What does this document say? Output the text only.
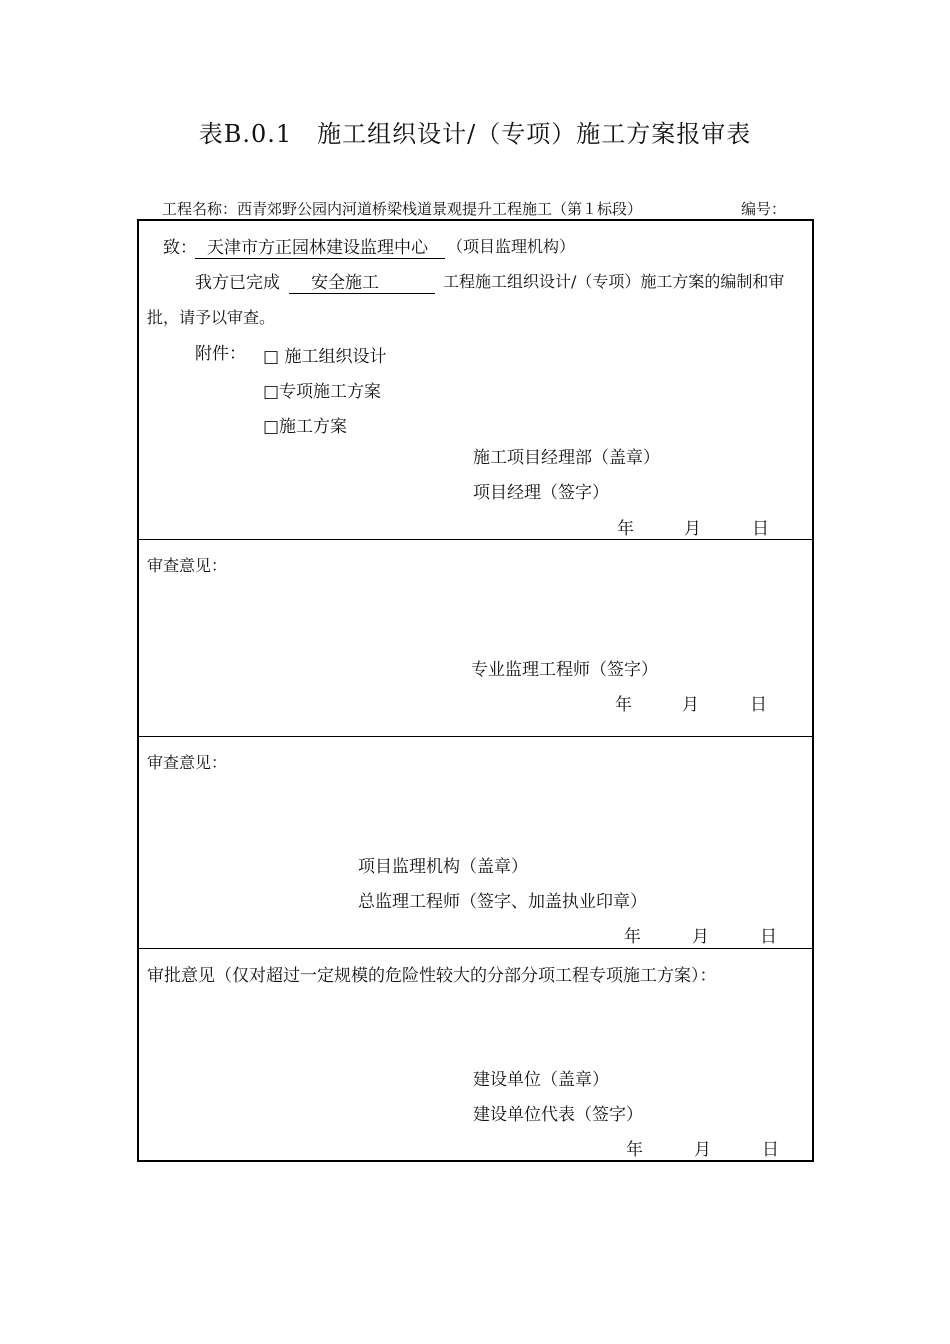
表B.0.1　施工组织设计/（专项）施工方案报审表
工程名称：西青郊野公园内河道桥梁栈道景观提升工程施工（第１标段）	编号：
致： 天津市方正园林建设监理中心	（项目监理机构）
我方已完成	安全施工	工程施工组织设计/（专项）施工方案的编制和审
批，请予以审查。
附件： □ 施工组织设计
□专项施工方案
□施工方案
施工项目经理部（盖章）
项目经理（签字）
年	月	日
审查意见：
专业监理工程师（签字）
年	月	日
审查意见：
项目监理机构（盖章）
总监理工程师（签字、加盖执业印章）
年	月	日
审批意见（仅对超过一定规模的危险性较大的分部分项工程专项施工方案）：
建设单位（盖章）
建设单位代表（签字）
年	月	日
